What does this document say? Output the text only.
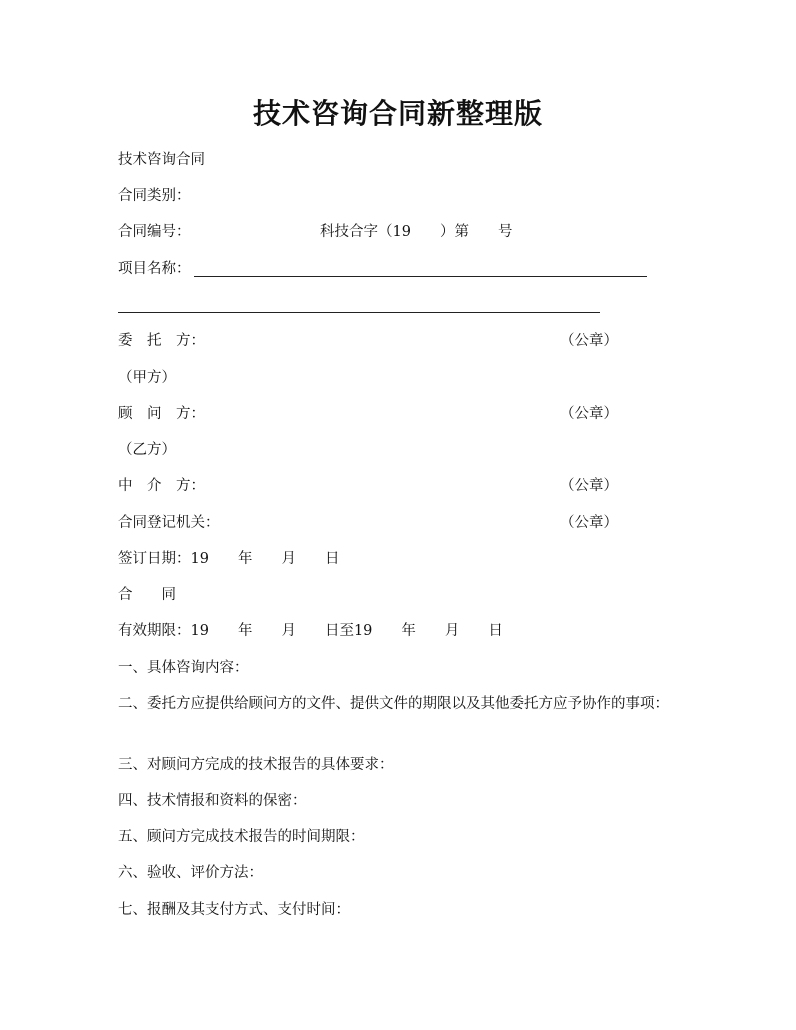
技术咨询合同新整理版
技术咨询合同
合同类别：
合同编号：	科技合字（19　　）第　　号
项目名称：
委　托　方：	（公章）
（甲方）
顾　问　方：	（公章）
（乙方）
中　介　方：	（公章）
合同登记机关：	（公章）
签订日期：19　　年　　月　　日
合　　同
有效期限：19　　年　　月　　日至19　　年　　月　　日
一、具体咨询内容：
二、委托方应提供给顾问方的文件、提供文件的期限以及其他委托方应予协作的事项：
三、对顾问方完成的技术报告的具体要求：
四、技术情报和资料的保密：
五、顾问方完成技术报告的时间期限：
六、验收、评价方法：
七、报酬及其支付方式、支付时间：
